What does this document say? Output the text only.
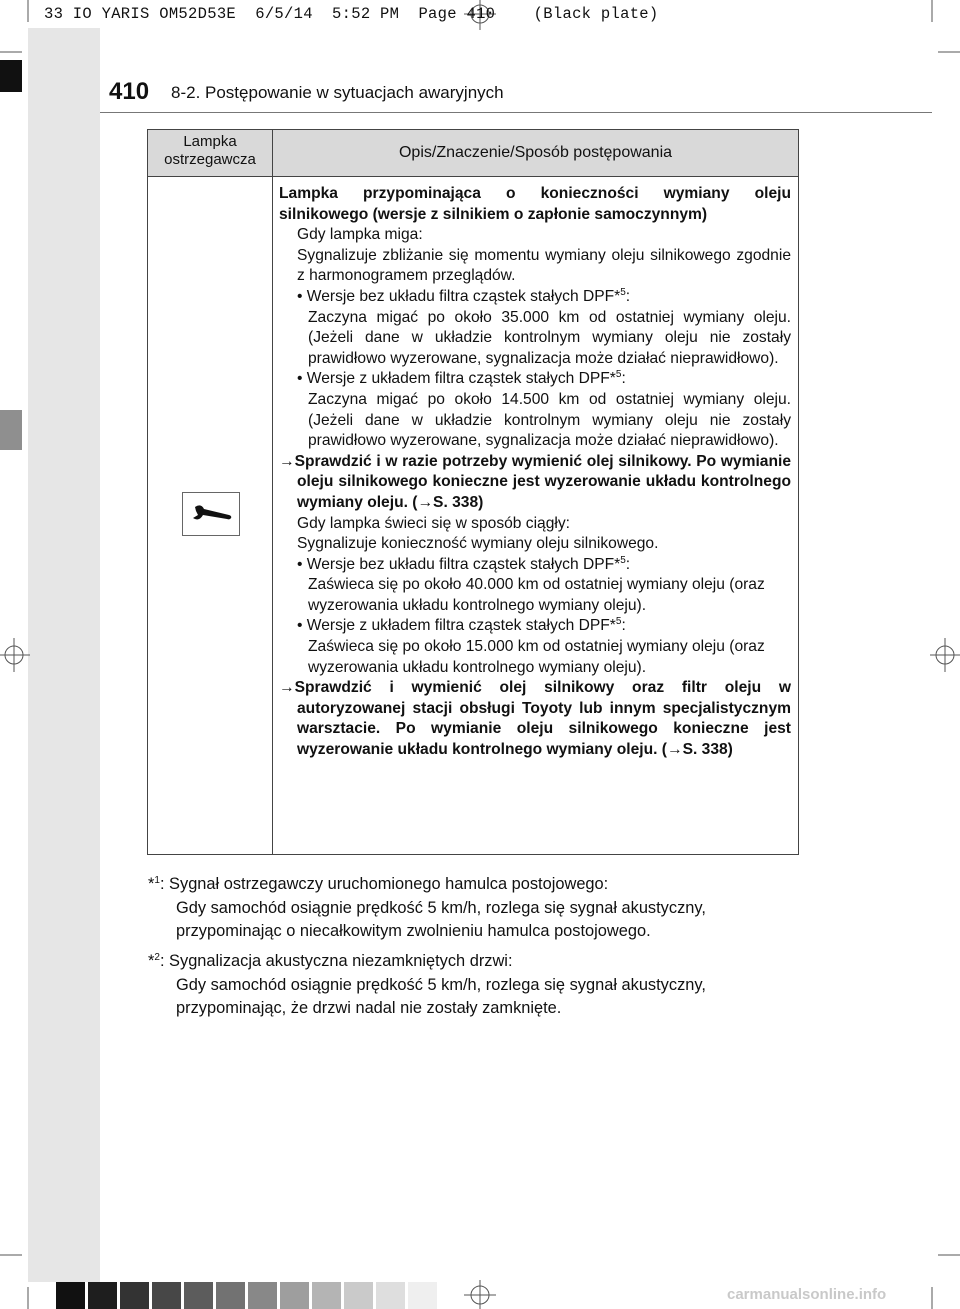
33 IO YARIS OM52D53E  6/5/14  5:52 PM  Page 410    (Black plate)
410 8-2. Postępowanie w sytuacjach awaryjnych
Lampka
ostrzegawcza	Opis/Znaczenie/Sposób postępowania

Lampka przypominająca o konieczności wymiany oleju

silnikowego (wersje z silnikiem o zapłonie samoczynnym)

Gdy lampka miga:

Sygnalizuje zbliżanie się momentu wymiany oleju silnikowego zgodnie z harmonogramem przeglądów.

• Wersje bez układu filtra cząstek stałych DPF*$^5$:

Zaczyna migać po około 35.000 km od ostatniej wymiany oleju. (Jeżeli dane w układzie kontrolnym wymiany oleju nie zostały prawidłowo wyzerowane, sygnalizacja może działać nieprawidłowo).

• Wersje z układem filtra cząstek stałych DPF*$^5$:

Zaczyna migać po około 14.500 km od ostatniej wymiany oleju. (Jeżeli dane w układzie kontrolnym wymiany oleju nie zostały prawidłowo wyzerowane, sygnalizacja może działać nieprawidłowo).

→Sprawdzić i w razie potrzeby wymienić olej silnikowy. Po wymianie oleju silnikowego konieczne jest wyzerowanie układu kontrolnego wymiany oleju. (→S. 338)

Gdy lampka świeci się w sposób ciągły:

Sygnalizuje konieczność wymiany oleju silnikowego.

• Wersje bez układu filtra cząstek stałych DPF*$^5$:

Zaświeca się po około 40.000 km od ostatniej wymiany oleju (oraz wyzerowania układu kontrolnego wymiany oleju).

• Wersje z układem filtra cząstek stałych DPF*$^5$:

Zaświeca się po około 15.000 km od ostatniej wymiany oleju (oraz wyzerowania układu kontrolnego wymiany oleju).

→Sprawdzić i wymienić olej silnikowy oraz filtr oleju w autoryzowanej stacji obsługi Toyoty lub innym specjalistycznym warsztacie. Po wymianie oleju silnikowego konieczne jest wyzerowanie układu kontrolnego wymiany oleju. (→S. 338)

*$^1$: Sygnał ostrzegawczy uruchomionego hamulca postojowego:
Gdy samochód osiągnie prędkość 5 km/h, rozlega się sygnał akustyczny, przypominając o niecałkowitym zwolnieniu hamulca postojowego.
*$^2$: Sygnalizacja akustyczna niezamkniętych drzwi:
Gdy samochód osiągnie prędkość 5 km/h, rozlega się sygnał akustyczny, przypominając, że drzwi nadal nie zostały zamknięte.
carmanualsonline.info
